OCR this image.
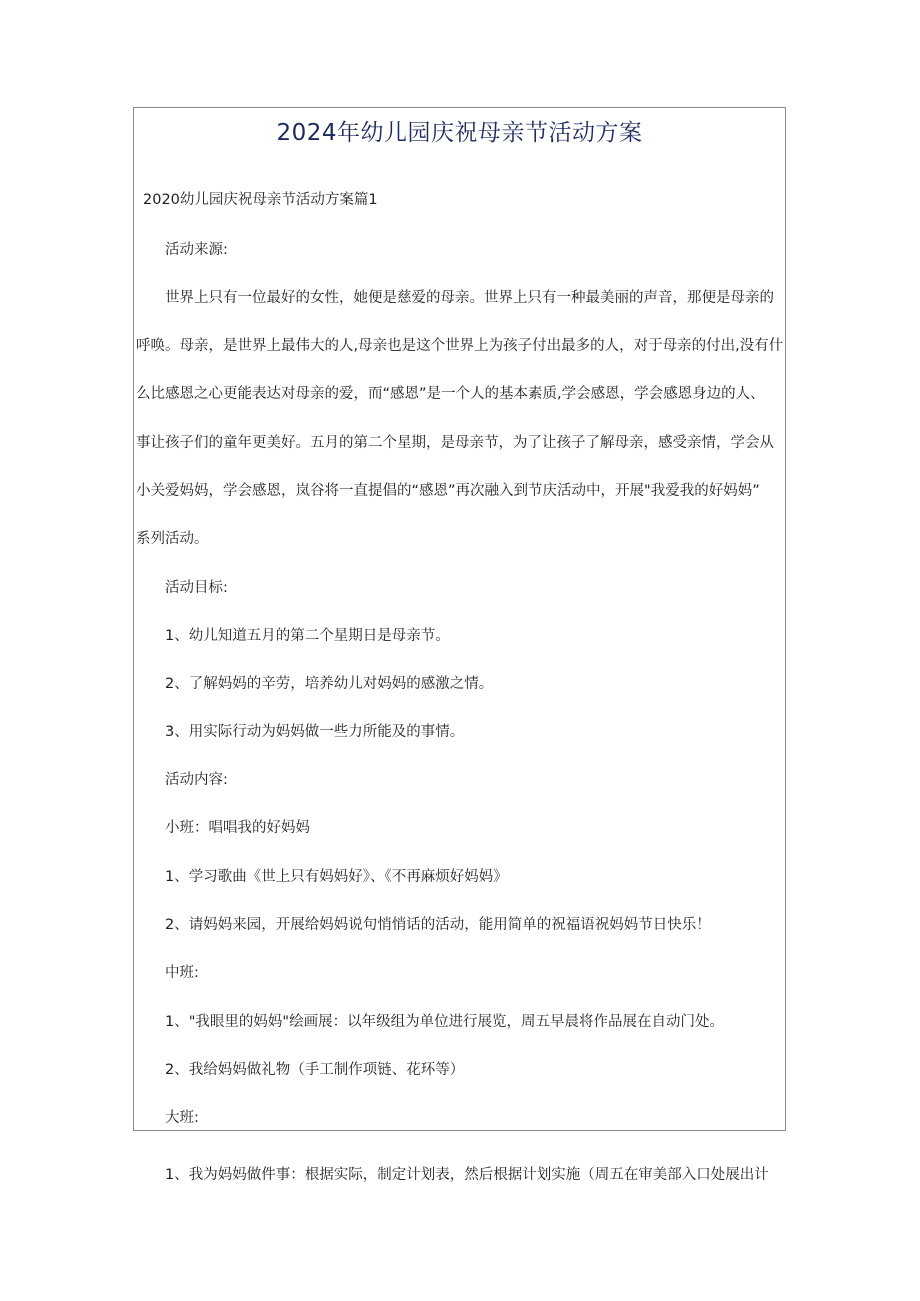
2024年幼儿园庆祝母亲节活动方案
2020幼儿园庆祝母亲节活动方案篇1
活动来源:
世界上只有一位最好的女性，她便是慈爱的母亲。世界上只有一种最美丽的声音，那便是母亲的
呼唤。母亲，是世界上最伟大的人,母亲也是这个世界上为孩子付出最多的人，对于母亲的付出,没有什
么比感恩之心更能表达对母亲的爱，而“感恩”是一个人的基本素质,学会感恩，学会感恩身边的人、
事让孩子们的童年更美好。五月的第二个星期，是母亲节，为了让孩子了解母亲，感受亲情，学会从
小关爱妈妈，学会感恩，岚谷将一直提倡的“感恩”再次融入到节庆活动中，开展"我爱我的好妈妈”
系列活动。
活动目标:
1、幼儿知道五月的第二个星期日是母亲节。
2、了解妈妈的辛劳，培养幼儿对妈妈的感激之情。
3、用实际行动为妈妈做一些力所能及的事情。
活动内容:
小班：唱唱我的好妈妈
1、学习歌曲《世上只有妈妈好》、《不再麻烦好妈妈》
2、请妈妈来园，开展给妈妈说句悄悄话的活动，能用简单的祝福语祝妈妈节日快乐！
中班:
1、"我眼里的妈妈"绘画展：以年级组为单位进行展览，周五早晨将作品展在自动门处。
2、我给妈妈做礼物（手工制作项链、花环等）
大班:
1、我为妈妈做件事：根据实际，制定计划表，然后根据计划实施（周五在审美部入口处展出计
